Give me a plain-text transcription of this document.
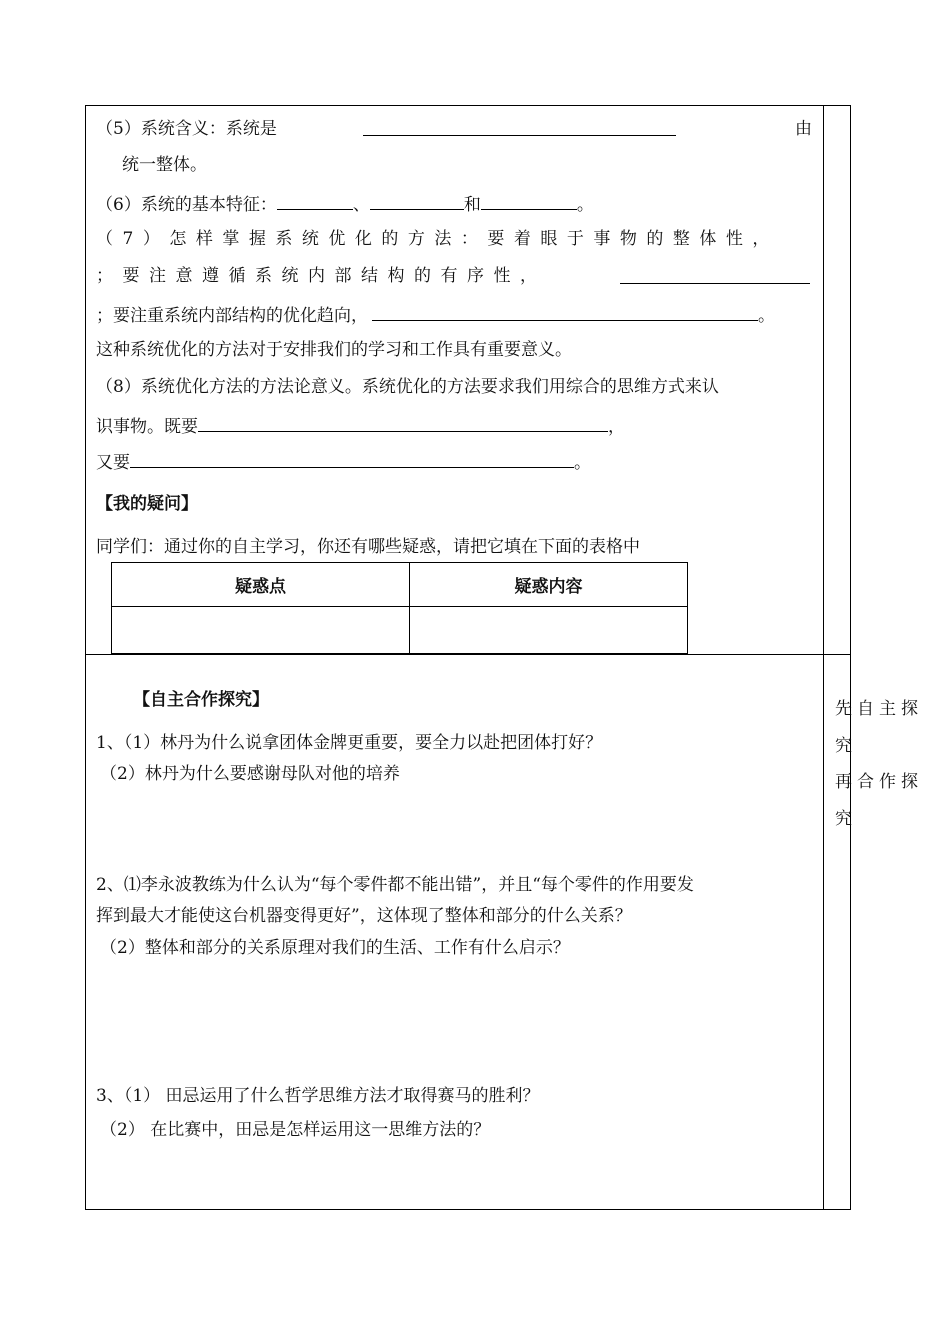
（5）系统含义：系统是	由
统一整体。
（6）系统的基本特征：	、	和	。
（7）怎样掌握系统优化的方法：要着眼于事物的整体性，
；要注意遵循系统内部结构的有序性，
；要注重系统内部结构的优化趋向，	。
这种系统优化的方法对于安排我们的学习和工作具有重要意义。
（8）系统优化方法的方法论意义。系统优化的方法要求我们用综合的思维方式来认
识事物。既要	，
又要	。
【我的疑问】
同学们：通过你的自主学习，你还有哪些疑惑，请把它填在下面的表格中
疑惑点	疑惑内容

【自主合作探究】
1、（1）林丹为什么说拿团体金牌更重要，要全力以赴把团体打好？
（2）林丹为什么要感谢母队对他的培养
2、⑴李永波教练为什么认为“每个零件都不能出错”，并且“每个零件的作用要发
挥到最大才能使这台机器变得更好”，这体现了整体和部分的什么关系？
（2）整体和部分的关系原理对我们的生活、工作有什么启示？
3、（1） 田忌运用了什么哲学思维方法才取得赛马的胜利？
（2） 在比赛中，田忌是怎样运用这一思维方法的？
先自主探
究
再合作探
究
